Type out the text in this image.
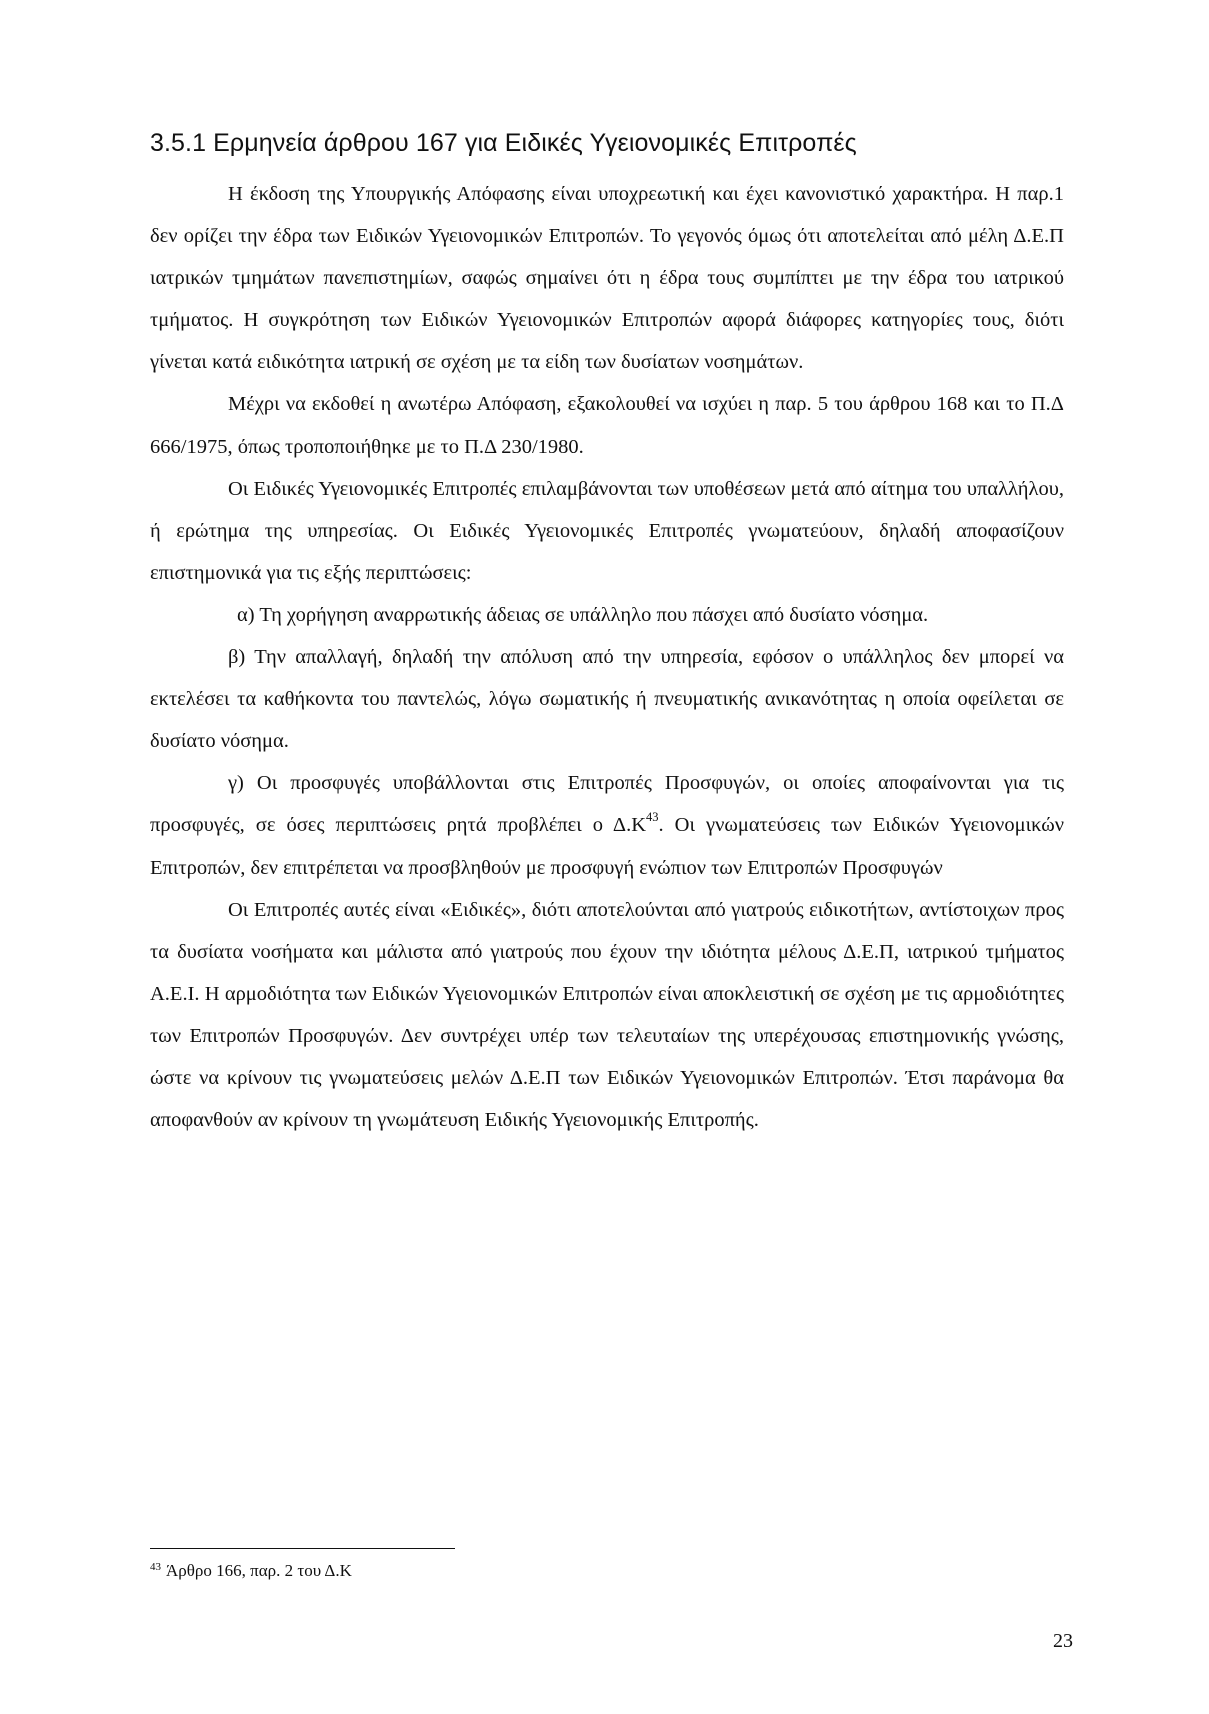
3.5.1 Ερμηνεία άρθρου 167 για Ειδικές Υγειονομικές Επιτροπές

Η έκδοση της Υπουργικής Απόφασης είναι υποχρεωτική και έχει κανονιστικό χαρακτήρα. Η παρ.1 δεν ορίζει την έδρα των Ειδικών Υγειονομικών Επιτροπών. Το γεγονός όμως ότι αποτελείται από μέλη Δ.Ε.Π ιατρικών τμημάτων πανεπιστημίων, σαφώς σημαίνει ότι η έδρα τους συμπίπτει με την έδρα του ιατρικού τμήματος. Η συγκρότηση των Ειδικών Υγειονομικών Επιτροπών αφορά διάφορες κατηγορίες τους, διότι γίνεται κατά ειδικότητα ιατρική σε σχέση με τα είδη των δυσίατων νοσημάτων.

Μέχρι να εκδοθεί η ανωτέρω Απόφαση, εξακολουθεί να ισχύει η παρ. 5 του άρθρου 168 και το Π.Δ 666/1975, όπως τροποποιήθηκε με το Π.Δ 230/1980.

Οι Ειδικές Υγειονομικές Επιτροπές επιλαμβάνονται των υποθέσεων μετά από αίτημα του υπαλλήλου, ή ερώτημα της υπηρεσίας. Οι Ειδικές Υγειονομικές Επιτροπές γνωματεύουν, δηλαδή αποφασίζουν επιστημονικά για τις εξής περιπτώσεις:

α) Τη χορήγηση αναρρωτικής άδειας σε υπάλληλο που πάσχει από δυσίατο νόσημα.

β) Την απαλλαγή, δηλαδή την απόλυση από την υπηρεσία, εφόσον ο υπάλληλος δεν μπορεί να εκτελέσει τα καθήκοντα του παντελώς, λόγω σωματικής ή πνευματικής ανικανότητας η οποία οφείλεται σε δυσίατο νόσημα.

γ) Οι προσφυγές υποβάλλονται στις Επιτροπές Προσφυγών, οι οποίες αποφαίνονται για τις προσφυγές, σε όσες περιπτώσεις ρητά προβλέπει ο Δ.Κ$^{43}$. Οι γνωματεύσεις των Ειδικών Υγειονομικών Επιτροπών, δεν επιτρέπεται να προσβληθούν με προσφυγή ενώπιον των Επιτροπών Προσφυγών

Οι Επιτροπές αυτές είναι «Ειδικές», διότι αποτελούνται από γιατρούς ειδικοτήτων, αντίστοιχων προς τα δυσίατα νοσήματα και μάλιστα από γιατρούς που έχουν την ιδιότητα μέλους Δ.Ε.Π, ιατρικού τμήματος Α.Ε.Ι. Η αρμοδιότητα των Ειδικών Υγειονομικών Επιτροπών είναι αποκλειστική σε σχέση με τις αρμοδιότητες των Επιτροπών Προσφυγών. Δεν συντρέχει υπέρ των τελευταίων της υπερέχουσας επιστημονικής γνώσης, ώστε να κρίνουν τις γνωματεύσεις μελών Δ.Ε.Π των Ειδικών Υγειονομικών Επιτροπών. Έτσι παράνομα θα αποφανθούν αν κρίνουν τη γνωμάτευση Ειδικής Υγειονομικής Επιτροπής.

$^{43}$ Άρθρο 166, παρ. 2 του Δ.Κ
23
